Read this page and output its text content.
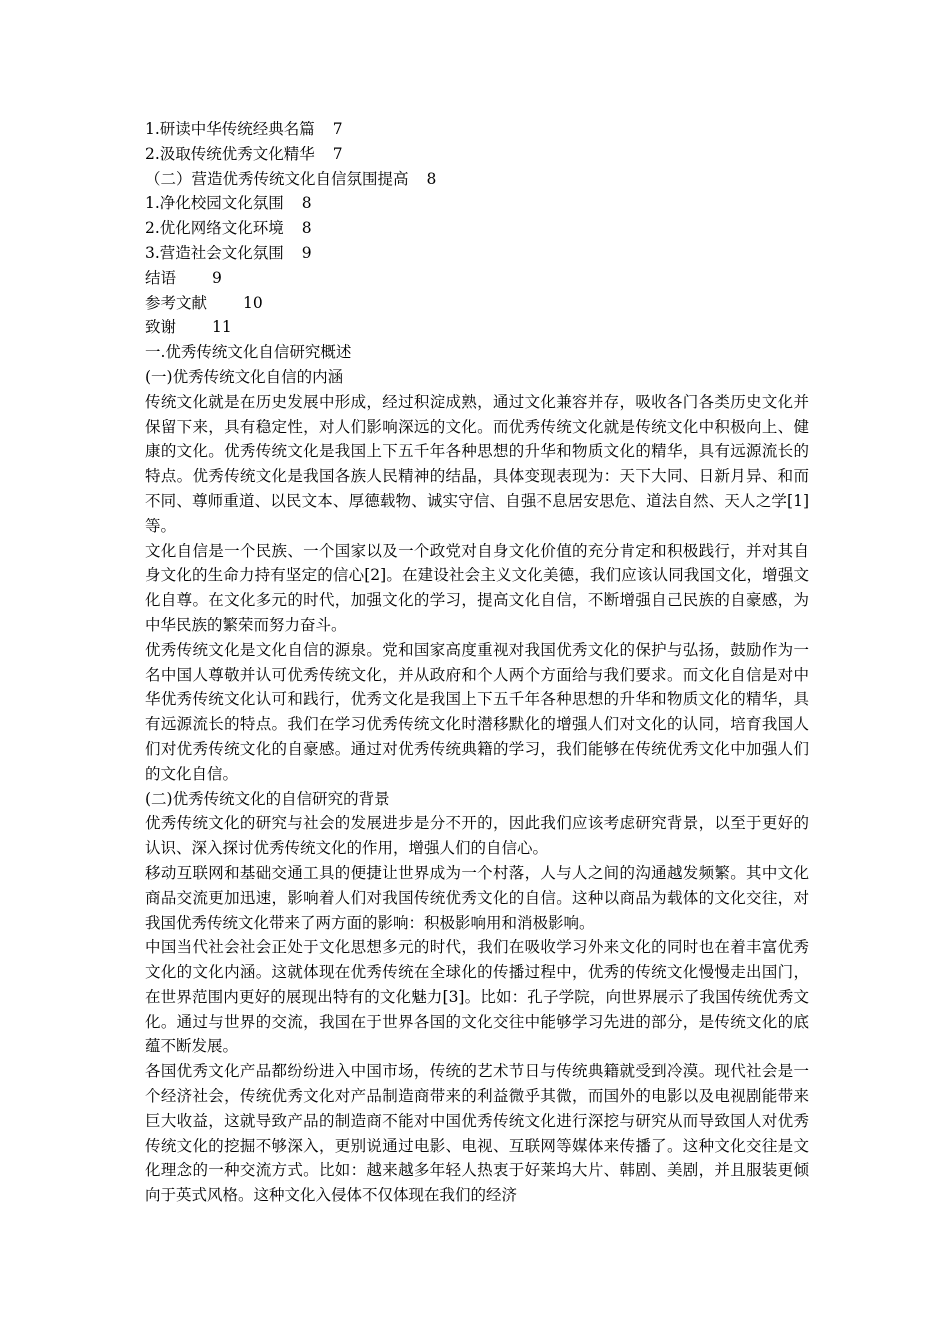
1.研读中华传统经典名篇 7
2.汲取传统优秀文化精华 7
（二）营造优秀传统文化自信氛围提高 8
1.净化校园文化氛围 8
2.优化网络文化环境 8
3.营造社会文化氛围 9
结语 9
参考文献 10
致谢 11
一.优秀传统文化自信研究概述
(一)优秀传统文化自信的内涵
传统文化就是在历史发展中形成，经过积淀成熟，通过文化兼容并存，吸收各门各类历史文化并保留下来，具有稳定性，对人们影响深远的文化。而优秀传统文化就是传统文化中积极向上、健康的文化。优秀传统文化是我国上下五千年各种思想的升华和物质文化的精华，具有远源流长的特点。优秀传统文化是我国各族人民精神的结晶，具体变现表现为：天下大同、日新月异、和而不同、尊师重道、以民文本、厚德载物、诚实守信、自强不息居安思危、道法自然、天人之学[1]等。
文化自信是一个民族、一个国家以及一个政党对自身文化价值的充分肯定和积极践行，并对其自身文化的生命力持有坚定的信心[2]。在建设社会主义文化美德，我们应该认同我国文化，增强文化自尊。在文化多元的时代，加强文化的学习，提高文化自信，不断增强自己民族的自豪感，为中华民族的繁荣而努力奋斗。
优秀传统文化是文化自信的源泉。党和国家高度重视对我国优秀文化的保护与弘扬，鼓励作为一名中国人尊敬并认可优秀传统文化，并从政府和个人两个方面给与我们要求。而文化自信是对中华优秀传统文化认可和践行，优秀文化是我国上下五千年各种思想的升华和物质文化的精华，具有远源流长的特点。我们在学习优秀传统文化时潜移默化的增强人们对文化的认同，培育我国人们对优秀传统文化的自豪感。通过对优秀传统典籍的学习，我们能够在传统优秀文化中加强人们的文化自信。
(二)优秀传统文化的自信研究的背景
优秀传统文化的研究与社会的发展进步是分不开的，因此我们应该考虑研究背景，以至于更好的认识、深入探讨优秀传统文化的作用，增强人们的自信心。
移动互联网和基础交通工具的便捷让世界成为一个村落，人与人之间的沟通越发频繁。其中文化商品交流更加迅速，影响着人们对我国传统优秀文化的自信。这种以商品为载体的文化交往，对我国优秀传统文化带来了两方面的影响：积极影响用和消极影响。
中国当代社会社会正处于文化思想多元的时代，我们在吸收学习外来文化的同时也在着丰富优秀文化的文化内涵。这就体现在优秀传统在全球化的传播过程中，优秀的传统文化慢慢走出国门，在世界范围内更好的展现出特有的文化魅力[3]。比如：孔子学院，向世界展示了我国传统优秀文化。通过与世界的交流，我国在于世界各国的文化交往中能够学习先进的部分，是传统文化的底蕴不断发展。
各国优秀文化产品都纷纷进入中国市场，传统的艺术节日与传统典籍就受到冷漠。现代社会是一个经济社会，传统优秀文化对产品制造商带来的利益微乎其微，而国外的电影以及电视剧能带来巨大收益，这就导致产品的制造商不能对中国优秀传统文化进行深挖与研究从而导致国人对优秀传统文化的挖掘不够深入，更别说通过电影、电视、互联网等媒体来传播了。这种文化交往是文化理念的一种交流方式。比如：越来越多年轻人热衷于好莱坞大片、韩剧、美剧，并且服装更倾向于英式风格。这种文化入侵体不仅体现在我们的经济
